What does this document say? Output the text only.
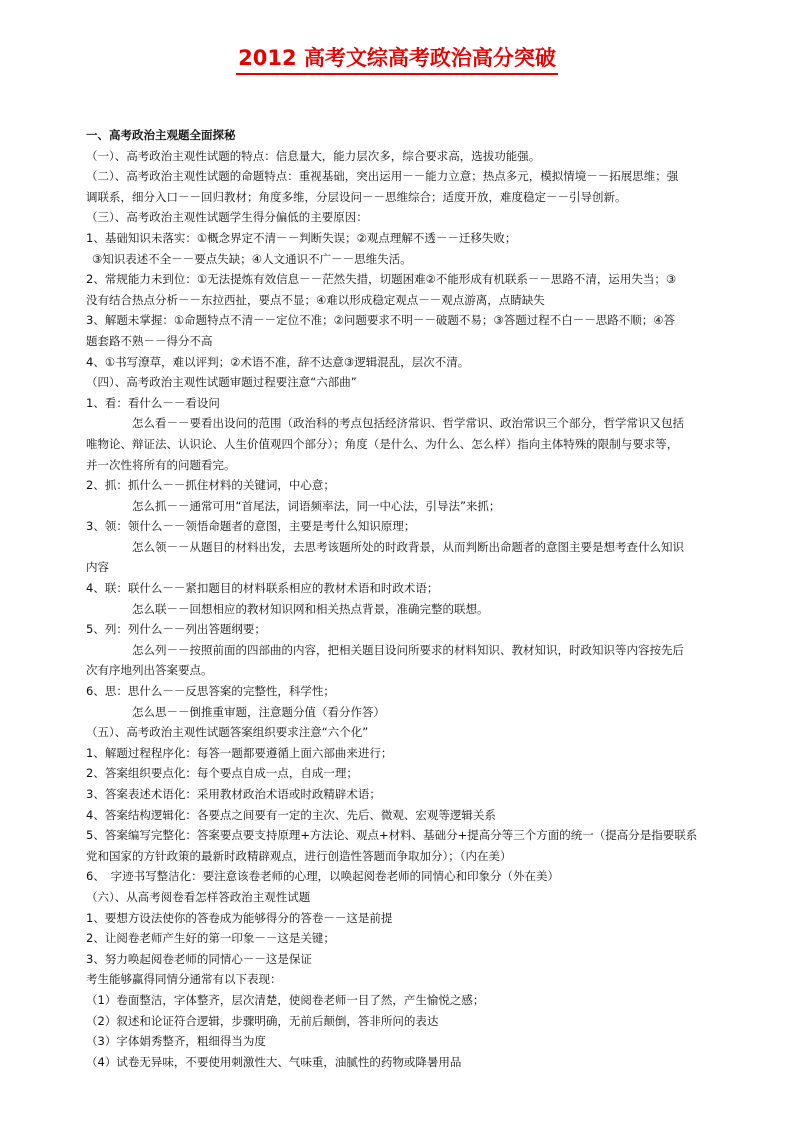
2012 高考文综高考政治高分突破

一、高考政治主观题全面探秘

（一）、高考政治主观性试题的特点：信息量大，能力层次多，综合要求高，选拔功能强。

（二）、高考政治主观性试题的命题特点：重视基础，突出运用－－能力立意；热点多元，模拟情境－－拓展思维；强

调联系，细分入口－－回归教材；角度多维，分层设问－－思维综合；适度开放，难度稳定－－引导创新。

（三）、高考政治主观性试题学生得分偏低的主要原因：

1、基础知识未落实：①概念界定不清－－判断失误；②观点理解不透－－迁移失败；

③知识表述不全－－要点失缺；④人文通识不广－－思维失活。

2、常规能力未到位：①无法提炼有效信息－－茫然失措，切题困难②不能形成有机联系－－思路不清，运用失当；③

没有结合热点分析－－东拉西扯，要点不显；④难以形成稳定观点－－观点游离，点睛缺失

3、解题未掌握：①命题特点不清－－定位不准；②问题要求不明－－破题不易；③答题过程不白－－思路不顺；④答

题套路不熟－－得分不高

4、①书写潦草，难以评判；②术语不准，辞不达意③逻辑混乱，层次不清。

（四）、高考政治主观性试题审题过程要注意“六部曲”

1、看：看什么－－看设问

怎么看－－要看出设问的范围（政治科的考点包括经济常识、哲学常识、政治常识三个部分，哲学常识又包括

唯物论、辩证法、认识论、人生价值观四个部分）；角度（是什么、为什么、怎么样）指向主体特殊的限制与要求等，

并一次性将所有的问题看完。

2、抓：抓什么－－抓住材料的关键词，中心意；

怎么抓－－通常可用“首尾法，词语频率法，同一中心法，引导法”来抓；

3、领：领什么－－领悟命题者的意图，主要是考什么知识原理；

怎么领－－从题目的材料出发，去思考该题所处的时政背景，从而判断出命题者的意图主要是想考查什么知识

内容

4、联：联什么－－紧扣题目的材料联系相应的教材术语和时政术语；

怎么联－－回想相应的教材知识网和相关热点背景，准确完整的联想。

5、列：列什么－－列出答题纲要；

怎么列－－按照前面的四部曲的内容，把相关题目设问所要求的材料知识、教材知识，时政知识等内容按先后

次有序地列出答案要点。

6、思：思什么－－反思答案的完整性，科学性；

怎么思－－倒推重审题，注意题分值（看分作答）

（五）、高考政治主观性试题答案组织要求注意“六个化”

1、解题过程程序化：每答一题都要遵循上面六部曲来进行；

2、答案组织要点化：每个要点自成一点，自成一理；

3、答案表述术语化：采用教材政治术语或时政精辟术语；

4、答案结构逻辑化：各要点之间要有一定的主次、先后、微观、宏观等逻辑关系

5、答案编写完整化：答案要点要支持原理+方法论、观点+材料、基础分+提高分等三个方面的统一（提高分是指要联系

党和国家的方针政策的最新时政精辟观点，进行创造性答题而争取加分）；（内在美）

6、　字迹书写整洁化：要注意该卷老师的心理，以唤起阅卷老师的同情心和印象分（外在美）

（六）、从高考阅卷看怎样答政治主观性试题

1、要想方设法使你的答卷成为能够得分的答卷－－这是前提

2、让阅卷老师产生好的第一印象－－这是关键；

3、努力唤起阅卷老师的同情心－－这是保证

考生能够赢得同情分通常有以下表现：

（1）卷面整洁，字体整齐，层次清楚，使阅卷老师一目了然，产生愉悦之感；

（2）叙述和论证符合逻辑，步骤明确，无前后颠倒，答非所问的表达

（3）字体娟秀整齐，粗细得当为度

（4）试卷无异味，不要使用刺激性大、气味重，油腻性的药物或降暑用品
